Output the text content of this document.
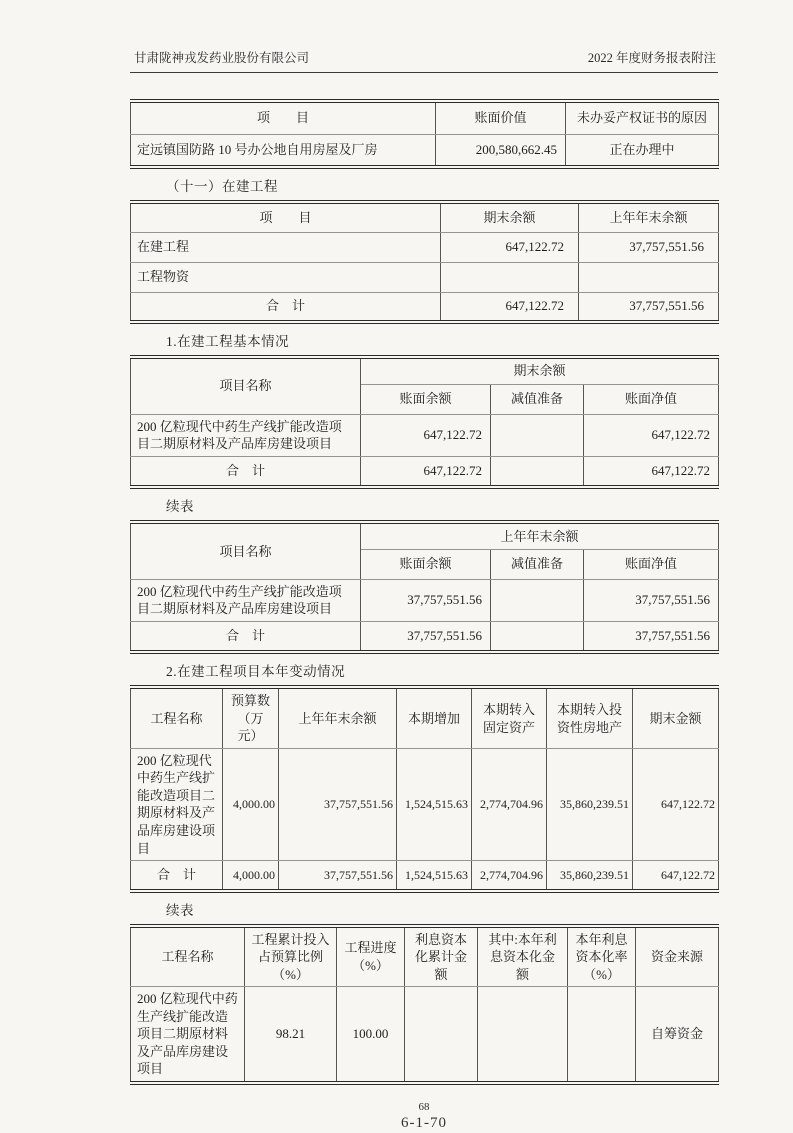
甘肃陇神戎发药业股份有限公司	2022 年度财务报表附注
项　　目	账面价值	未办妥产权证书的原因
定远镇国防路 10 号办公地自用房屋及厂房	200,580,662.45	正在办理中
（十一）在建工程
项　　目	期末余额	上年年末余额
在建工程	647,122.72	37,757,551.56
工程物资		
合　计	647,122.72	37,757,551.56
1.在建工程基本情况
项目名称	期末余额		
	账面余额	减值准备	账面净值
200 亿粒现代中药生产线扩能改造项目二期原材料及产品库房建设项目	647,122.72		647,122.72
合　计	647,122.72		647,122.72
续表
项目名称	上年年末余额		
	账面余额	减值准备	账面净值
200 亿粒现代中药生产线扩能改造项目二期原材料及产品库房建设项目	37,757,551.56		37,757,551.56
合　计	37,757,551.56		37,757,551.56
2.在建工程项目本年变动情况
工程名称	预算数（万元）	上年年末余额	本期增加	本期转入固定资产	本期转入投资性房地产	期末金额
200 亿粒现代中药生产线扩能改造项目二期原材料及产品库房建设项目	4,000.00	37,757,551.56	1,524,515.63	2,774,704.96	35,860,239.51	647,122.72
合　计	4,000.00	37,757,551.56	1,524,515.63	2,774,704.96	35,860,239.51	647,122.72
续表
工程名称	工程累计投入占预算比例（%）	工程进度（%）	利息资本化累计金额	其中:本年利息资本化金额	本年利息资本化率（%）	资金来源
200 亿粒现代中药生产线扩能改造项目二期原材料及产品库房建设项目	98.21	100.00				自筹资金
68
6-1-70
